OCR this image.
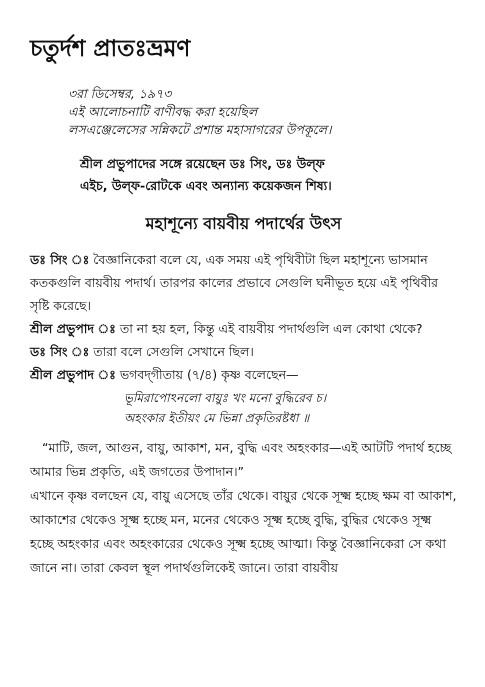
চতুর্দশ প্রাতঃভ্রমণ
৩রা ডিসেম্বর, ১৯৭৩
এই আলোচনাটি বাণীবদ্ধ করা হয়েছিল
লসএঞ্জেলেসের সন্নিকটে প্রশান্ত মহাসাগরের উপকূলে।
শ্রীল প্রভুপাদের সঙ্গে রয়েছেন ডঃ সিং, ডঃ উল্‌ফ
এইচ, উল্‌ফ-রোটকে এবং অন্যান্য কয়েকজন শিষ্য।
মহাশূন্যে বায়বীয় পদার্থের উৎস
ডঃ সিং ঃ বৈজ্ঞানিকেরা বলে যে, এক সময় এই পৃথিবীটা ছিল মহাশূন্যে ভাসমান কতকগুলি বায়বীয় পদার্থ। তারপর কালের প্রভাবে সেগুলি ঘনীভূত হয়ে এই পৃথিবীর সৃষ্টি করেছে।
শ্রীল প্রভুপাদ ঃ তা না হয় হল, কিন্তু এই বায়বীয় পদার্থগুলি এল কোথা থেকে?
ডঃ সিং ঃ তারা বলে সেগুলি সেখানে ছিল।
শ্রীল প্রভুপাদ ঃ ভগবদ্‌গীতায় (৭/৪) কৃষ্ণ বলেছেন—
ভূমিরাপোঽনলো বায়ুঃ খং মনো বুদ্ধিরেব চ।
অহংকার ইতীয়ং মে ভিন্না প্রকৃতিরষ্টধা ॥

“মাটি, জল, আগুন, বায়ু, আকাশ, মন, বুদ্ধি এবং অহংকার—এই আটটি পদার্থ হচ্ছে আমার ভিন্ন প্রকৃতি, এই জগতের উপাদান।”

এখানে কৃষ্ণ বলছেন যে, বায়ু এসেছে তাঁর থেকে। বায়ুর থেকে সূক্ষ্ম হচ্ছে ক্ষম বা আকাশ, আকাশের থেকেও সূক্ষ্ম হচ্ছে মন, মনের থেকেও সূক্ষ্ম হচ্ছে বুদ্ধি, বুদ্ধির থেকেও সূক্ষ্ম হচ্ছে অহংকার এবং অহংকারের থেকেও সূক্ষ্ম হচ্ছে আত্মা। কিন্তু বৈজ্ঞানিকেরা সে কথা জানে না। তারা কেবল স্থূল পদার্থগুলিকেই জানে। তারা বায়বীয়
